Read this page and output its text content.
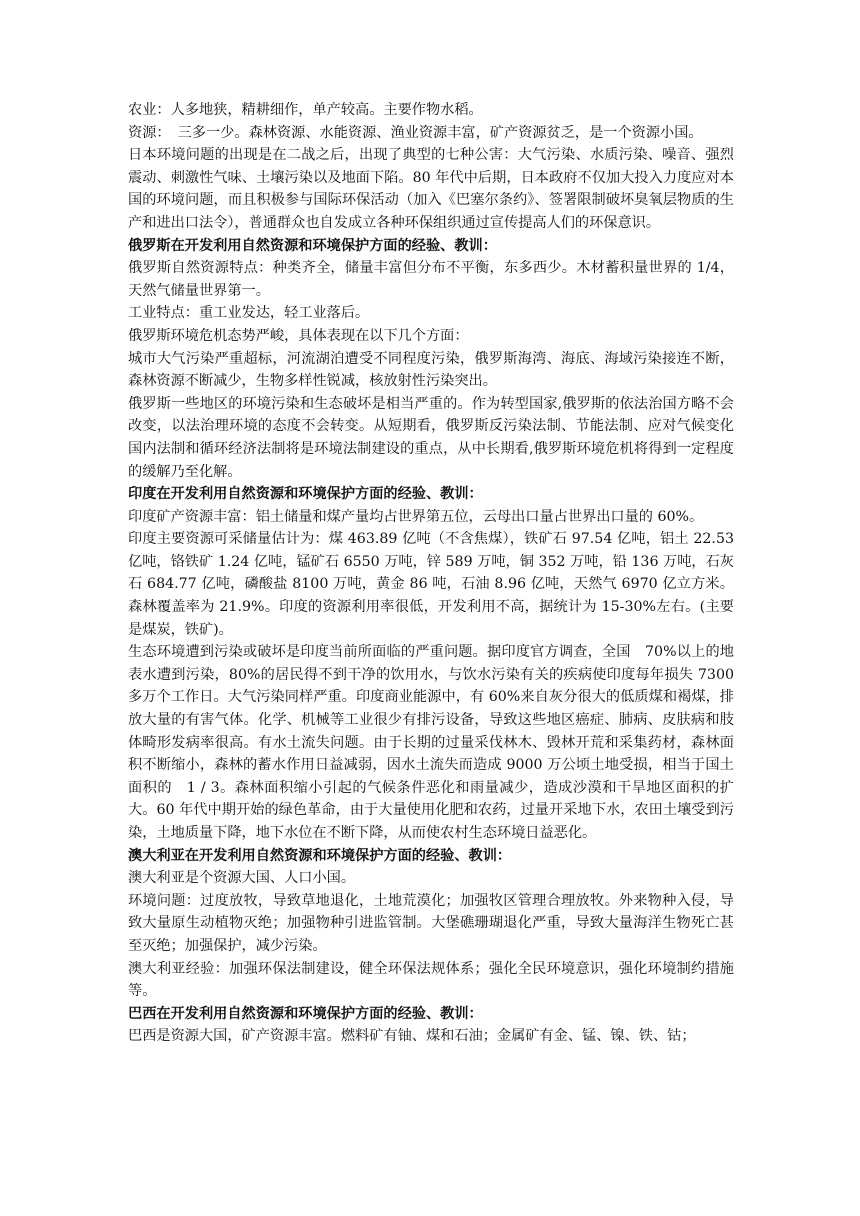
农业：人多地狭，精耕细作，单产较高。主要作物水稻。

资源：　三多一少。森林资源、水能资源、渔业资源丰富，矿产资源贫乏，是一个资源小国。

日本环境问题的出现是在二战之后，出现了典型的七种公害：大气污染、水质污染、噪音、强烈震动、刺激性气味、土壤污染以及地面下陷。80 年代中后期，日本政府不仅加大投入力度应对本国的环境问题，而且积极参与国际环保活动（加入《巴塞尔条约》、签署限制破坏臭氧层物质的生产和进出口法令），普通群众也自发成立各种环保组织通过宣传提高人们的环保意识。

俄罗斯在开发利用自然资源和环境保护方面的经验、教训：

俄罗斯自然资源特点：种类齐全，储量丰富但分布不平衡，东多西少。木材蓄积量世界的 1/4，天然气储量世界第一。

工业特点：重工业发达，轻工业落后。

俄罗斯环境危机态势严峻，具体表现在以下几个方面：

城市大气污染严重超标，河流湖泊遭受不同程度污染，俄罗斯海湾、海底、海域污染接连不断，森林资源不断减少，生物多样性锐减，核放射性污染突出。

俄罗斯一些地区的环境污染和生态破坏是相当严重的。作为转型国家,俄罗斯的依法治国方略不会改变，以法治理环境的态度不会转变。从短期看，俄罗斯反污染法制、节能法制、应对气候变化国内法制和循环经济法制将是环境法制建设的重点，从中长期看,俄罗斯环境危机将得到一定程度的缓解乃至化解。

印度在开发利用自然资源和环境保护方面的经验、教训：

印度矿产资源丰富：铝土储量和煤产量均占世界第五位，云母出口量占世界出口量的 60%。

印度主要资源可采储量估计为：煤 463.89 亿吨（不含焦煤），铁矿石 97.54 亿吨，铝土 22.53 亿吨，铬铁矿 1.24 亿吨，锰矿石 6550 万吨，锌 589 万吨，铜 352 万吨，铅 136 万吨，石灰石 684.77 亿吨，磷酸盐 8100 万吨，黄金 86 吨，石油 8.96 亿吨，天然气 6970 亿立方米。森林覆盖率为 21.9%。印度的资源利用率很低，开发利用不高，据统计为 15-30%左右。(主要是煤炭，铁矿)。

生态环境遭到污染或破坏是印度当前所面临的严重问题。据印度官方调查，全国　70%以上的地表水遭到污染，80%的居民得不到干净的饮用水，与饮水污染有关的疾病使印度每年损失 7300 多万个工作日。大气污染同样严重。印度商业能源中，有 60%来自灰分很大的低质煤和褐煤，排放大量的有害气体。化学、机械等工业很少有排污设备，导致这些地区癌症、肺病、皮肤病和肢体畸形发病率很高。有水土流失问题。由于长期的过量采伐林木、毁林开荒和采集药材，森林面积不断缩小，森林的蓄水作用日益减弱，因水土流失而造成 9000 万公顷土地受损，相当于国土面积的　1 / 3。森林面积缩小引起的气候条件恶化和雨量减少，造成沙漠和干旱地区面积的扩大。60 年代中期开始的绿色革命，由于大量使用化肥和农药，过量开采地下水，农田土壤受到污染，土地质量下降，地下水位在不断下降，从而使农村生态环境日益恶化。

澳大利亚在开发利用自然资源和环境保护方面的经验、教训：

澳大利亚是个资源大国、人口小国。

环境问题：过度放牧，导致草地退化，土地荒漠化；加强牧区管理合理放牧。外来物种入侵，导致大量原生动植物灭绝；加强物种引进监管制。大堡礁珊瑚退化严重，导致大量海洋生物死亡甚至灭绝；加强保护，减少污染。

澳大利亚经验：加强环保法制建设，健全环保法规体系；强化全民环境意识，强化环境制约措施等。

巴西在开发利用自然资源和环境保护方面的经验、教训：

巴西是资源大国，矿产资源丰富。燃料矿有铀、煤和石油；金属矿有金、锰、镍、铁、钴；
